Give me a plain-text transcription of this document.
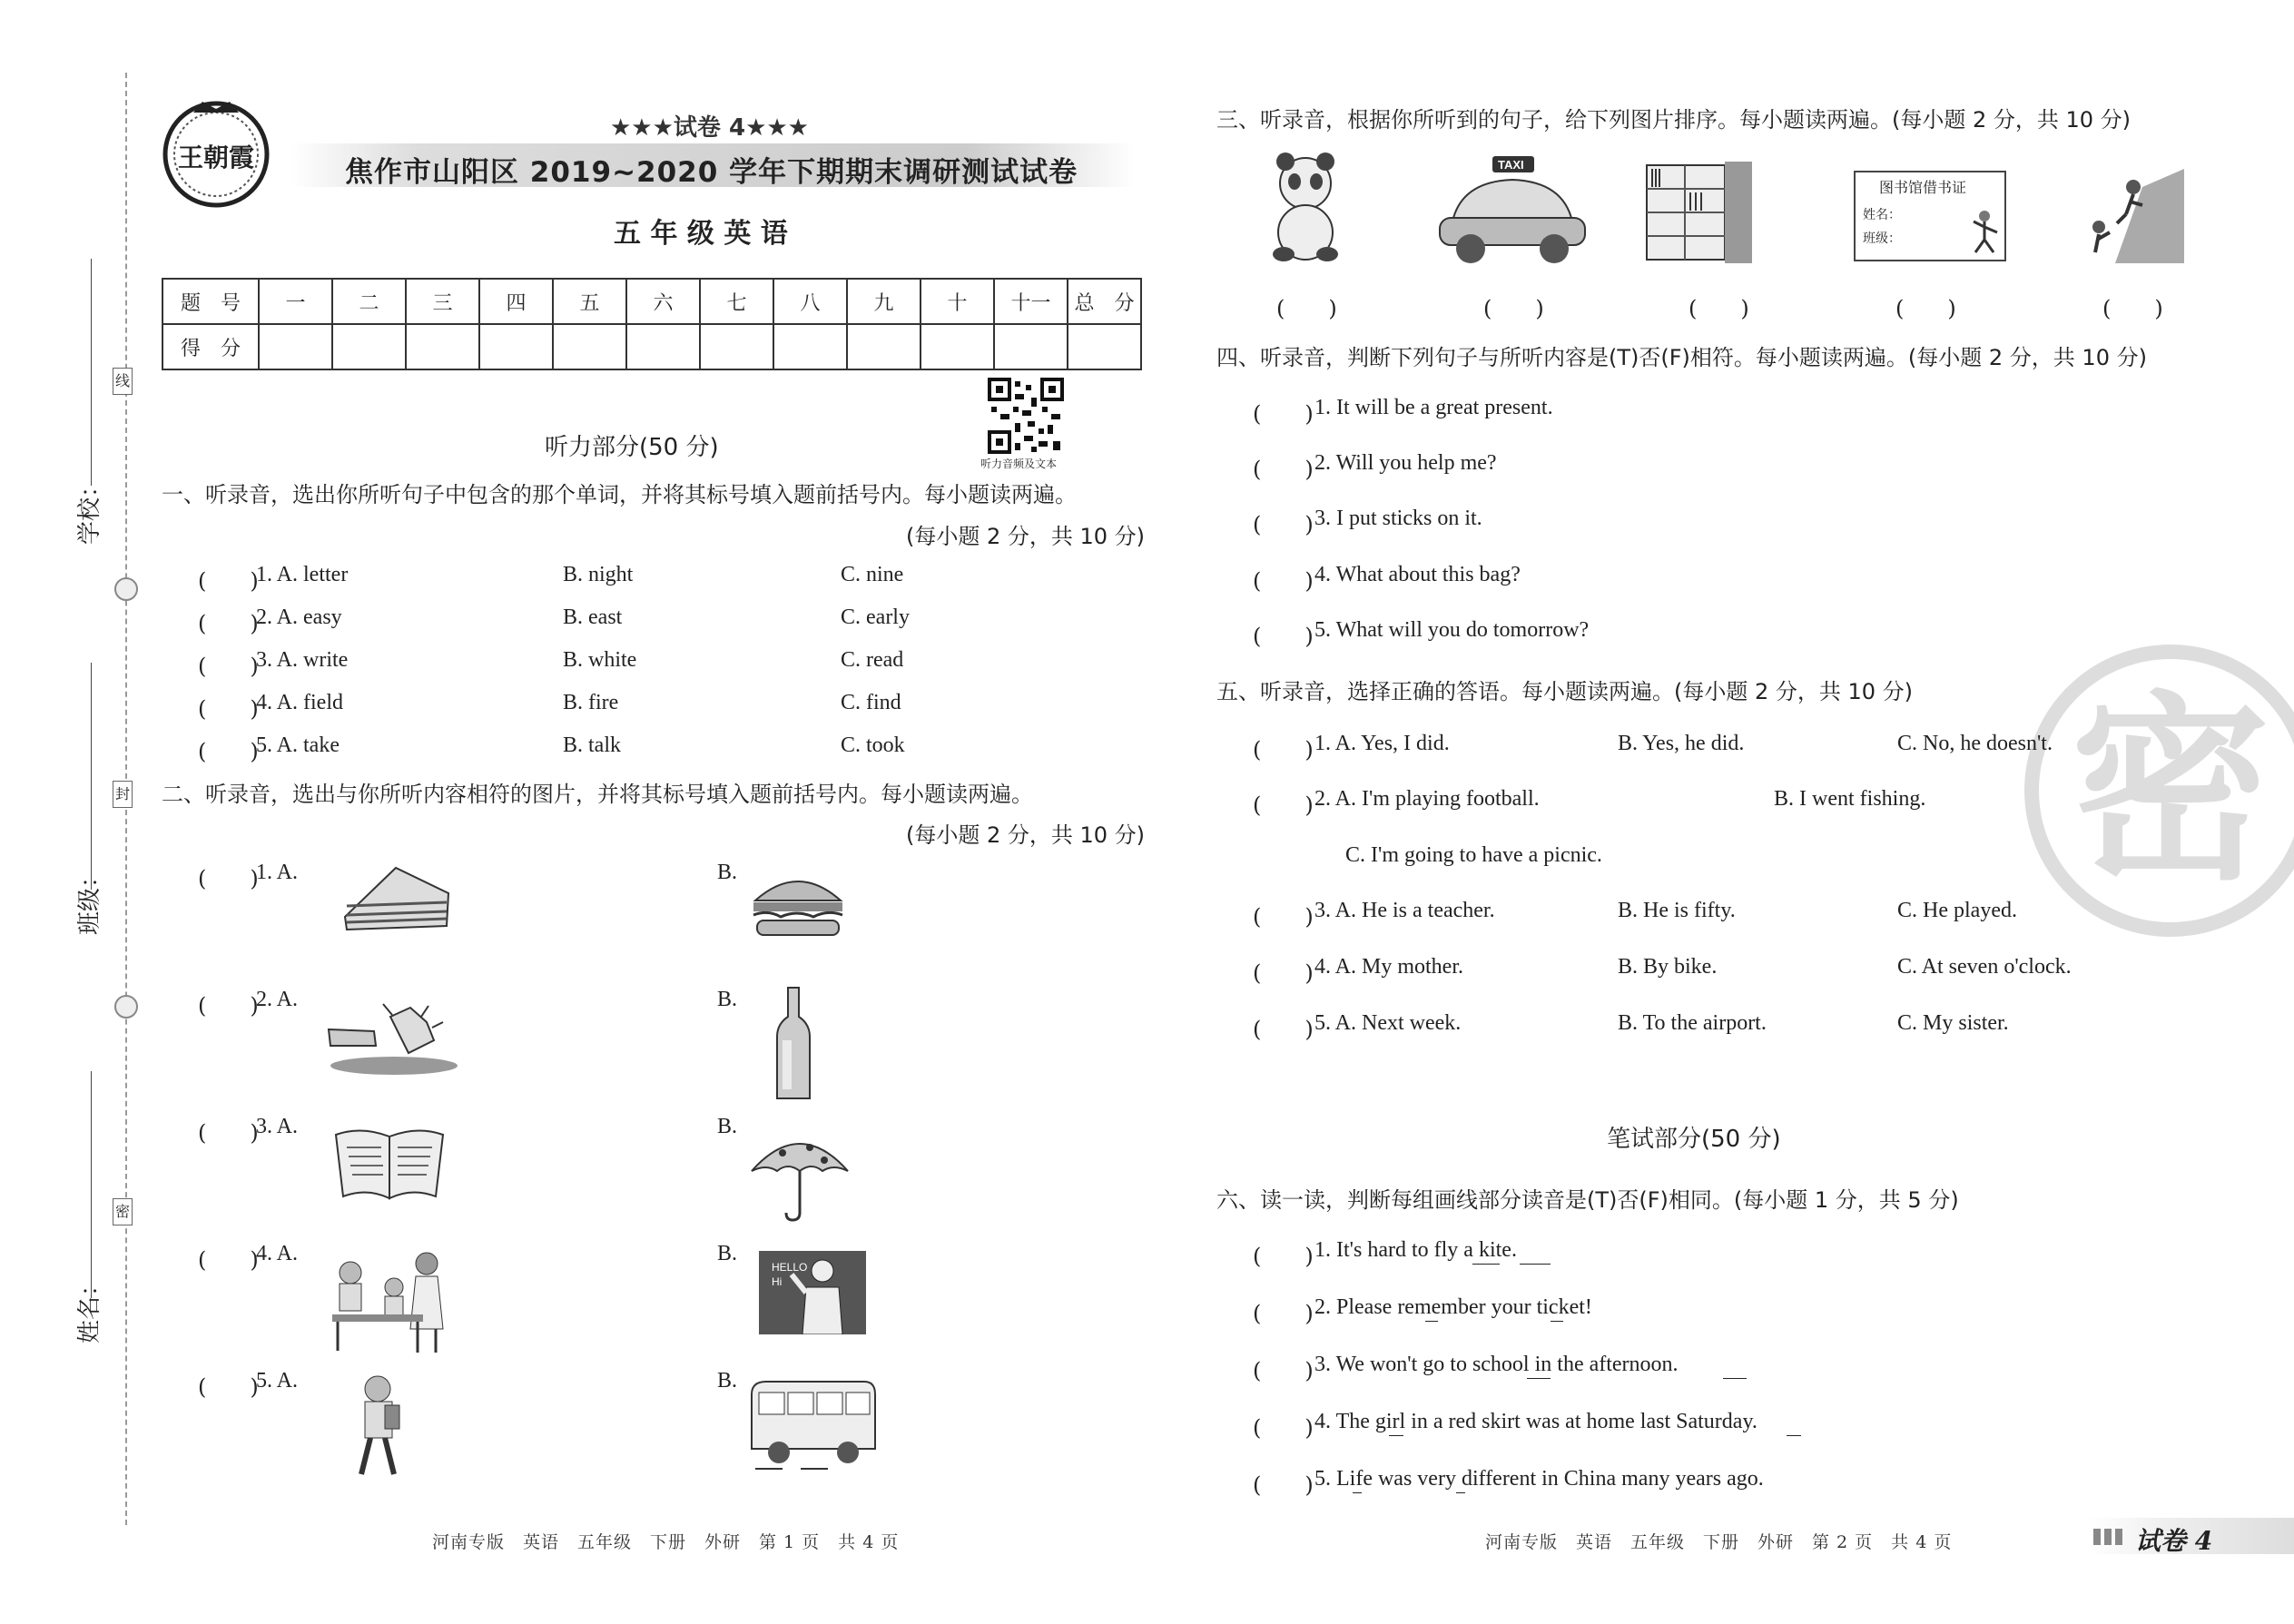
学校：
班级：
姓名：
线
封
密
王朝霞
★★★试卷 4★★★
焦作市山阳区 2019~2020 学年下期期末调研测试试卷
五 年 级 英 语
题　号	一	二	三	四	五	六	七	八	九	十	十一	总　分
得　分												
听力音频及文本
听力部分(50 分)
一、听录音，选出你所听句子中包含的那个单词，并将其标号填入题前括号内。每小题读两遍。
(每小题 2 分，共 10 分)
(　　)
1. A. letter	B. night	C. nine
(　　)
2. A. easy	B. east	C. early
(　　)
3. A. write	B. white	C. read
(　　)
4. A. field	B. fire	C. find
(　　)
5. A. take	B. talk	C. took
二、听录音，选出与你所听内容相符的图片，并将其标号填入题前括号内。每小题读两遍。
(每小题 2 分，共 10 分)
(　　)
1. A.	B.
(　　)
2. A.	B.
(　　)
3. A.	B.
(　　)
4. A.	B.
HELLO
Hi
(　　)
5. A.	B.
密
三、听录音，根据你所听到的句子，给下列图片排序。每小题读两遍。(每小题 2 分，共 10 分)
TAXI
图书馆借书证
姓名：
班级：
(　　)	(　　)	(　　)	(　　)	(　　)
四、听录音，判断下列句子与所听内容是(T)否(F)相符。每小题读两遍。(每小题 2 分，共 10 分)
(　　) 1. It will be a great present.
(　　) 2. Will you help me?
(　　) 3. I put sticks on it.
(　　) 4. What about this bag?
(　　) 5. What will you do tomorrow?
五、听录音，选择正确的答语。每小题读两遍。(每小题 2 分，共 10 分)
(　　) 1. A. Yes, I did.	B. Yes, he did.	C. No, he doesn't.
(　　) 2. A. I'm playing football.	B. I went fishing.
C. I'm going to have a picnic.
(　　) 3. A. He is a teacher.	B. He is fifty.	C. He played.
(　　) 4. A. My mother.	B. By bike.	C. At seven o'clock.
(　　) 5. A. Next week.	B. To the airport.	C. My sister.
笔试部分(50 分)
六、读一读，判断每组画线部分读音是(T)否(F)相同。(每小题 1 分，共 5 分)
(　　) 1. It's hard to fly a kite.
(　　) 2. Please remember your ticket!
(　　) 3. We won't go to school in the afternoon.
(　　) 4. The girl in a red skirt was at home last Saturday.
(　　) 5. Life was very different in China many years ago.
河南专版　英语　五年级　下册　外研　第 1 页　共 4 页	河南专版　英语　五年级　下册　外研　第 2 页　共 4 页	试卷 4
